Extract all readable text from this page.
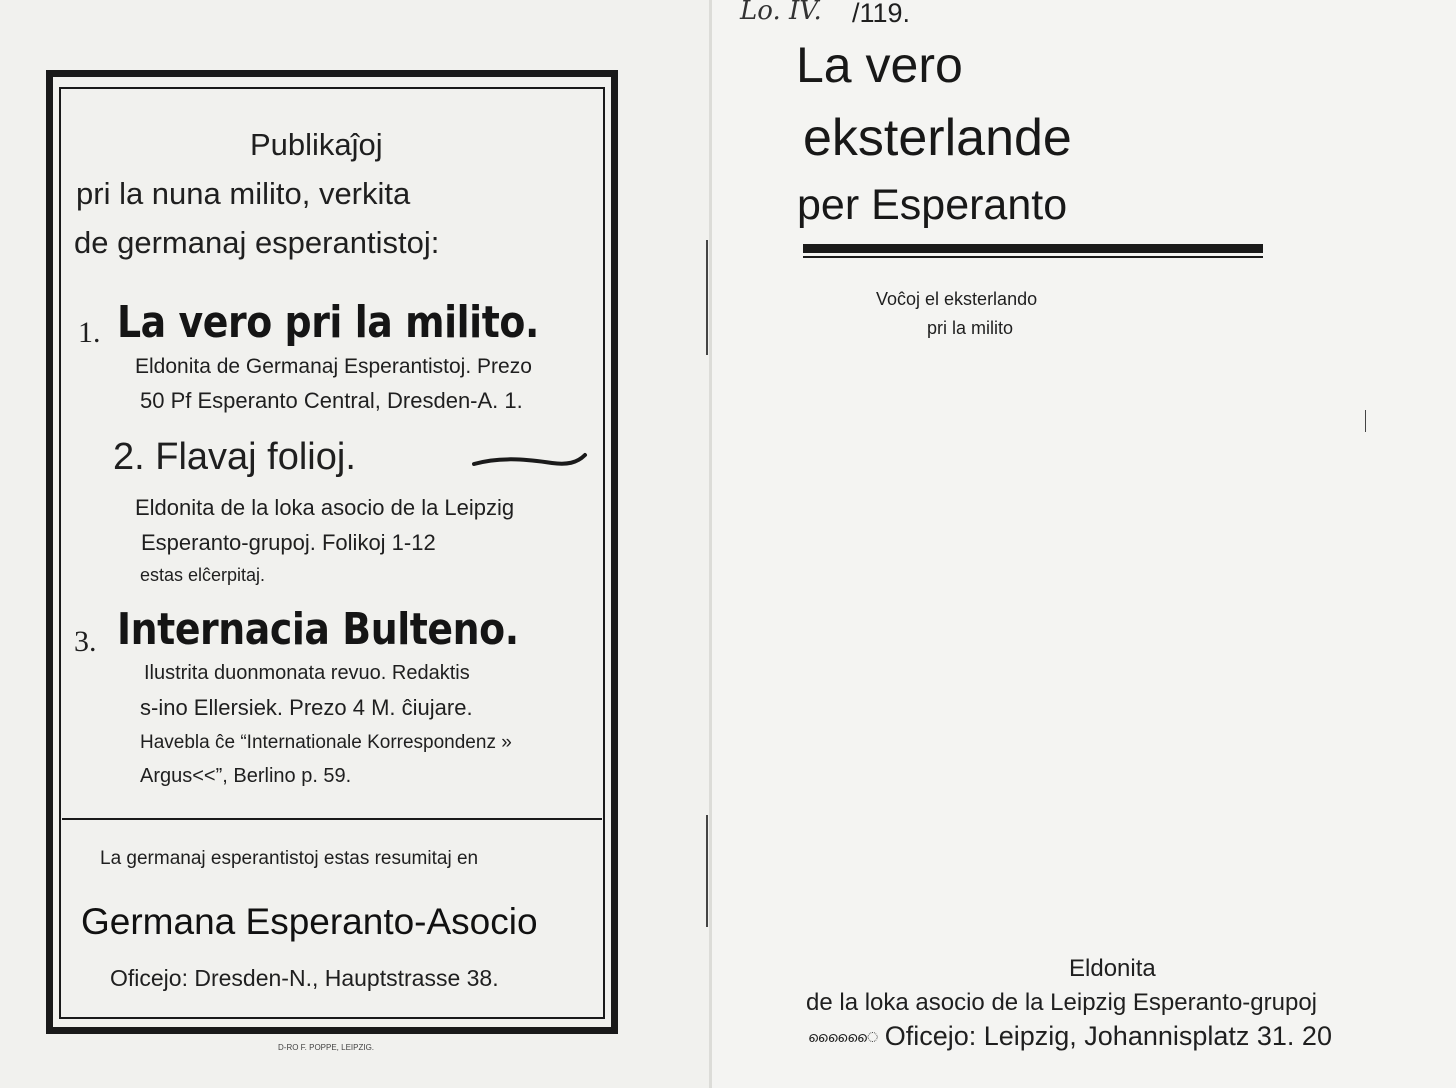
Publikaĵoj
pri la nuna milito, verkita
de germanaj esperantistoj:
1. La vero pri la milito.
Eldonita de Germanaj Esperantistoj. Prezo
50 Pf Esperanto Central, Dresden-A. 1.
2. Flavaj folioj.
Eldonita de la loka asocio de la Leipzig
Esperanto-grupoj. Folikoj 1-12
estas elĉerpitaj.
3. Internacia Bulteno.
Ilustrita duonmonata revuo. Redaktis
s-ino Ellersiek. Prezo 4 M. ĉiujare.
Havebla ĉe “Internationale Korrespondenz »
Argus<<”, Berlino p. 59.
La germanaj esperantistoj estas resumitaj en
Germana Esperanto-Asocio
Oficejo: Dresden-N., Hauptstrasse 38.
D-RO F. POPPE, LEIPZIG.
Lo. IV. /119.
La vero
eksterlande
per Esperanto
Voĉoj el eksterlando
pri la milito
Eldonita
de la loka asocio de la Leipzig Esperanto-grupoj
ൈൈൈ Oficejo: Leipzig, Johannisplatz 31. 20
